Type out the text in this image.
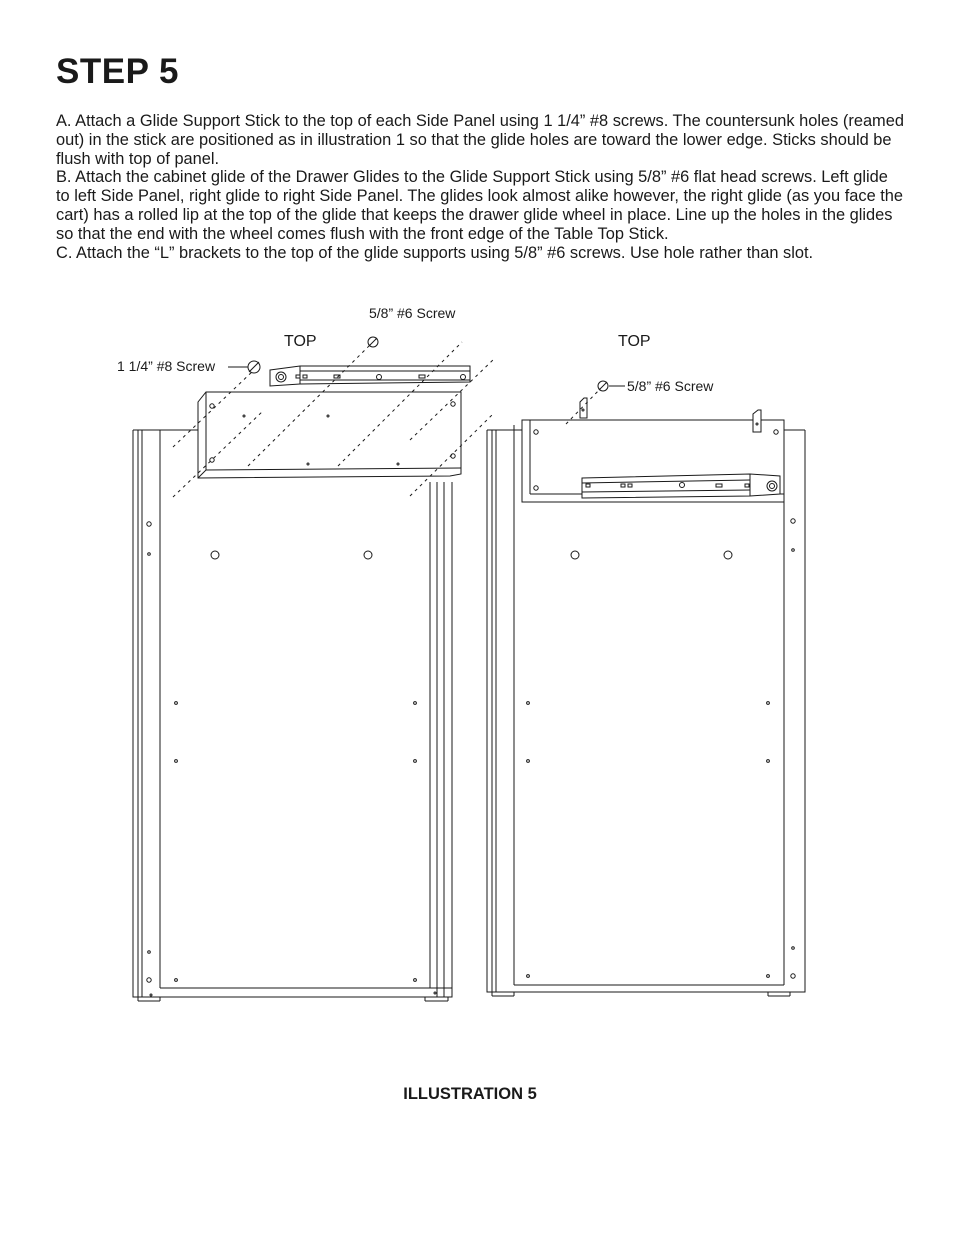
STEP 5

A. Attach a Glide Support Stick to the top of each Side Panel using 1 1/4” #8 screws. The countersunk holes (reamed out) in the stick are positioned as in illustration 1 so that the glide holes are toward the lower edge. Sticks should be flush with top of panel.

B. Attach the cabinet glide of the Drawer Glides to the Glide Support Stick using 5/8” #6 flat head screws. Left glide to left Side Panel, right glide to right Side Panel. The glides look almost alike however, the right glide (as you face the cart) has a rolled lip at the top of the glide that keeps the drawer glide wheel in place. Line up the holes in the glides so that the end with the wheel comes flush with the front edge of the Table Top Stick.

C. Attach the “L” brackets to the top of the glide supports using 5/8” #6 screws. Use hole rather than slot.

TOP
5/8” #6 Screw
1 1/4” #8 Screw
TOP
5/8” #6 Screw
ILLUSTRATION 5
